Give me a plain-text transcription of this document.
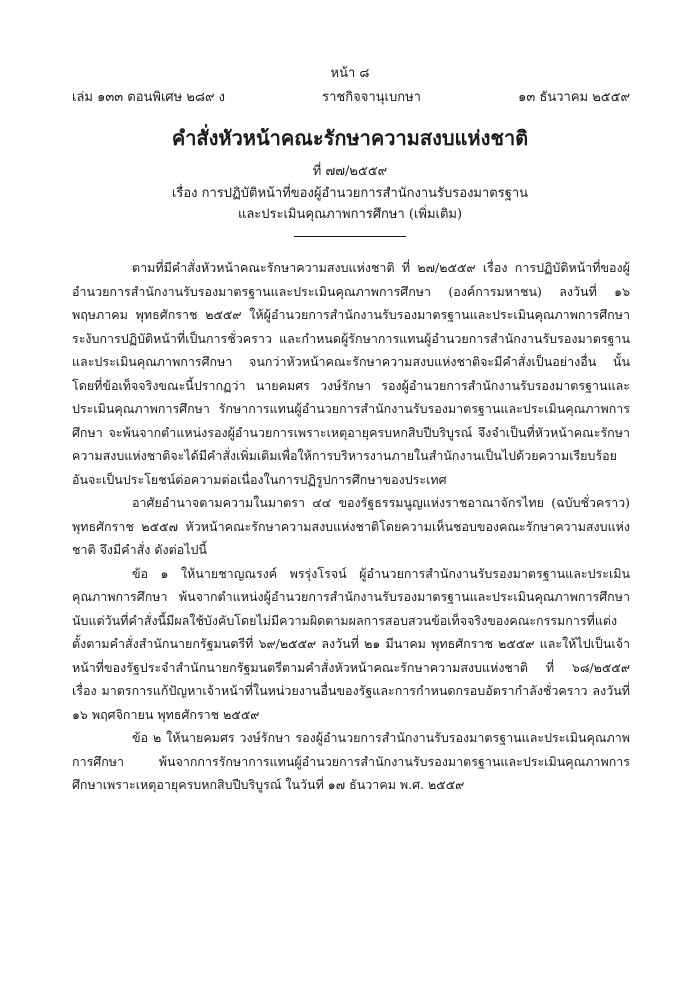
หน้า ๘
เล่ม ๑๓๓ ตอนพิเศษ ๒๘๙ ง	ราชกิจจานุเบกษา	๑๓ ธันวาคม ๒๕๕๙
คำสั่งหัวหน้าคณะรักษาความสงบแห่งชาติ
ที่ ๗๗/๒๕๕๙
เรื่อง การปฏิบัติหน้าที่ของผู้อำนวยการสำนักงานรับรองมาตรฐาน
และประเมินคุณภาพการศึกษา (เพิ่มเติม)

ตามที่มีคำสั่งหัวหน้าคณะรักษาความสงบแห่งชาติ ที่ ๒๗/๒๕๕๙ เรื่อง การปฏิบัติหน้าที่ของผู้อำนวยการสำนักงานรับรองมาตรฐานและประเมินคุณภาพการศึกษา (องค์การมหาชน) ลงวันที่ ๑๖ พฤษภาคม พุทธศักราช ๒๕๕๙ ให้ผู้อำนวยการสำนักงานรับรองมาตรฐานและประเมินคุณภาพการศึกษา ระงับการปฏิบัติหน้าที่เป็นการชั่วคราว และกำหนดผู้รักษาการแทนผู้อำนวยการสำนักงานรับรองมาตรฐานและประเมินคุณภาพการศึกษา จนกว่าหัวหน้าคณะรักษาความสงบแห่งชาติจะมีคำสั่งเป็นอย่างอื่น นั้น โดยที่ข้อเท็จจริงขณะนี้ปรากฏว่า นายคมศร วงษ์รักษา รองผู้อำนวยการสำนักงานรับรองมาตรฐานและประเมินคุณภาพการศึกษา รักษาการแทนผู้อำนวยการสำนักงานรับรองมาตรฐานและประเมินคุณภาพการศึกษา จะพ้นจากตำแหน่งรองผู้อำนวยการเพราะเหตุอายุครบหกสิบปีบริบูรณ์ จึงจำเป็นที่หัวหน้าคณะรักษาความสงบแห่งชาติจะได้มีคำสั่งเพิ่มเติมเพื่อให้การบริหารงานภายในสำนักงานเป็นไปด้วยความเรียบร้อย อันจะเป็นประโยชน์ต่อความต่อเนื่องในการปฏิรูปการศึกษาของประเทศ

อาศัยอำนาจตามความในมาตรา ๔๔ ของรัฐธรรมนูญแห่งราชอาณาจักรไทย (ฉบับชั่วคราว) พุทธศักราช ๒๕๕๗ หัวหน้าคณะรักษาความสงบแห่งชาติโดยความเห็นชอบของคณะรักษาความสงบแห่งชาติ จึงมีคำสั่ง ดังต่อไปนี้

ข้อ ๑ ให้นายชาญณรงค์ พรรุ่งโรจน์ ผู้อำนวยการสำนักงานรับรองมาตรฐานและประเมินคุณภาพการศึกษา พ้นจากตำแหน่งผู้อำนวยการสำนักงานรับรองมาตรฐานและประเมินคุณภาพการศึกษา นับแต่วันที่คำสั่งนี้มีผลใช้บังคับโดยไม่มีความผิดตามผลการสอบสวนข้อเท็จจริงของคณะกรรมการที่แต่งตั้งตามคำสั่งสำนักนายกรัฐมนตรีที่ ๖๙/๒๕๕๙ ลงวันที่ ๒๑ มีนาคม พุทธศักราช ๒๕๕๙ และให้ไปเป็นเจ้าหน้าที่ของรัฐประจำสำนักนายกรัฐมนตรีตามคำสั่งหัวหน้าคณะรักษาความสงบแห่งชาติ ที่ ๖๘/๒๕๕๙ เรื่อง มาตรการแก้ปัญหาเจ้าหน้าที่ในหน่วยงานอื่นของรัฐและการกำหนดกรอบอัตรากำลังชั่วคราว ลงวันที่ ๑๖ พฤศจิกายน พุทธศักราช ๒๕๕๙

ข้อ ๒ ให้นายคมศร วงษ์รักษา รองผู้อำนวยการสำนักงานรับรองมาตรฐานและประเมินคุณภาพการศึกษา พ้นจากการรักษาการแทนผู้อำนวยการสำนักงานรับรองมาตรฐานและประเมินคุณภาพการศึกษาเพราะเหตุอายุครบหกสิบปีบริบูรณ์ ในวันที่ ๑๗ ธันวาคม พ.ศ. ๒๕๕๙
